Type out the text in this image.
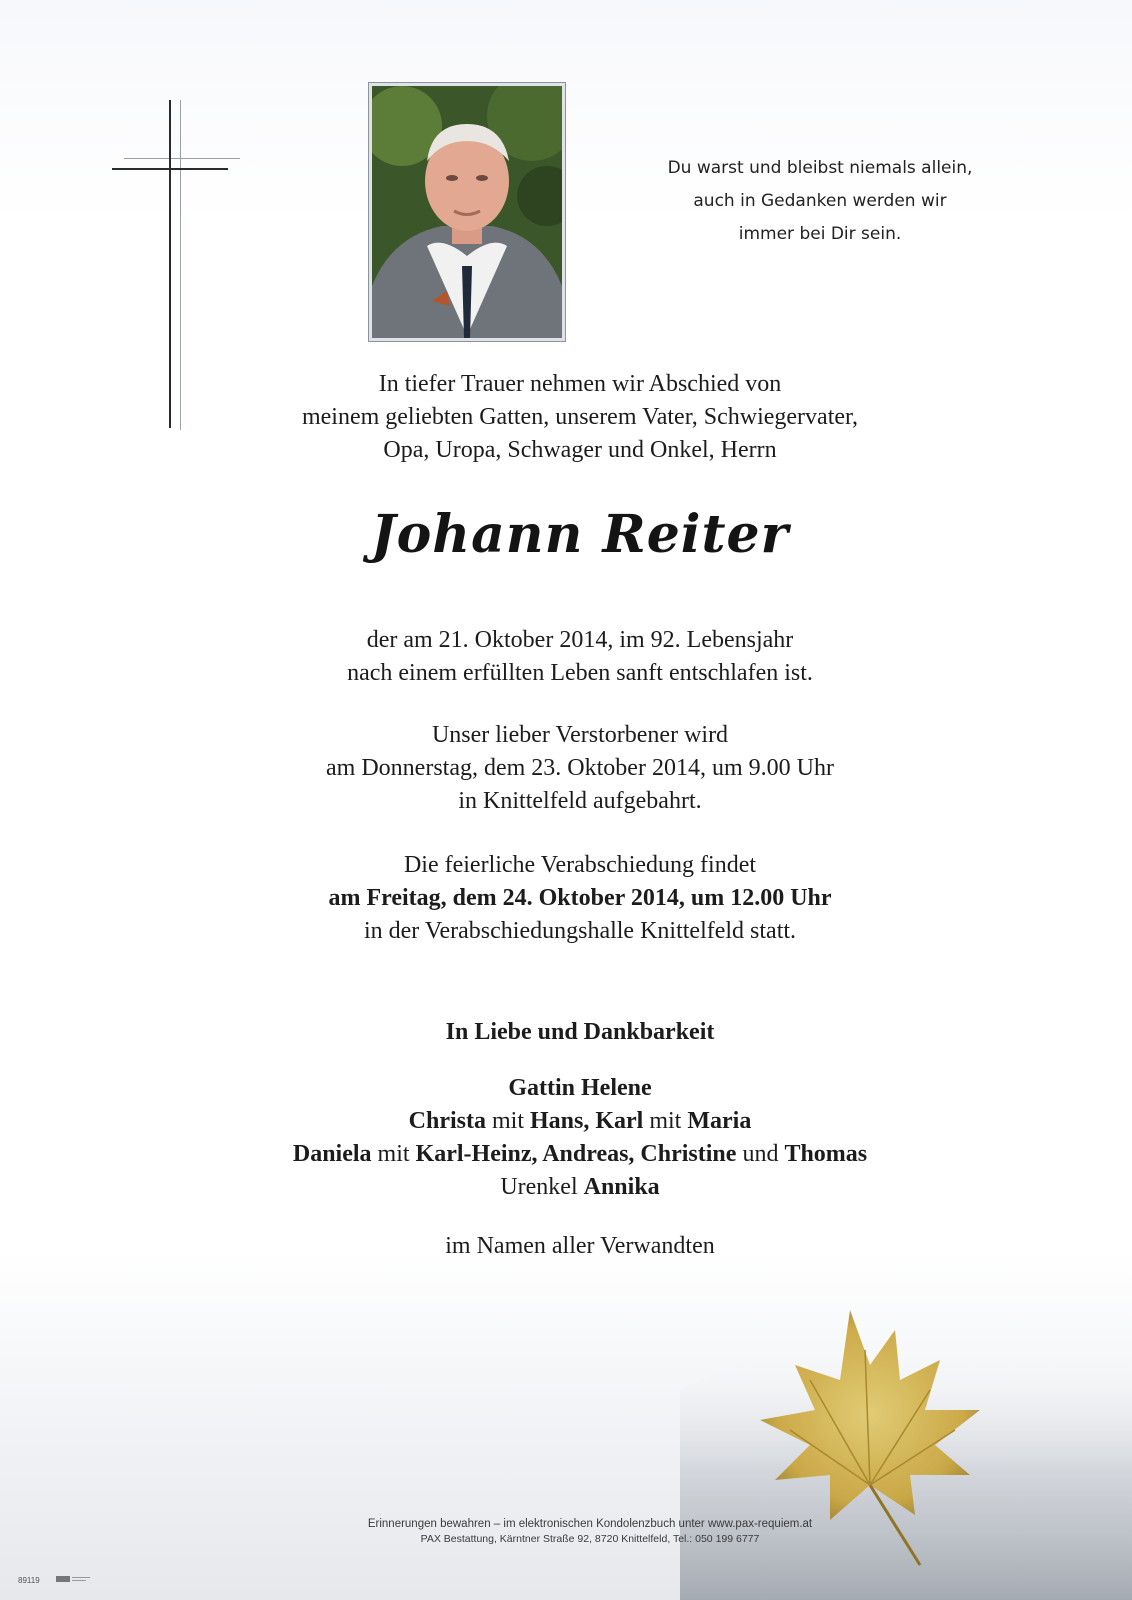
Du warst und bleibst niemals allein,
auch in Gedanken werden wir
immer bei Dir sein.
In tiefer Trauer nehmen wir Abschied von
meinem geliebten Gatten, unserem Vater, Schwiegervater,
Opa, Uropa, Schwager und Onkel, Herrn
Johann Reiter
der am 21. Oktober 2014, im 92. Lebensjahr
nach einem erfüllten Leben sanft entschlafen ist.
Unser lieber Verstorbener wird
am Donnerstag, dem 23. Oktober 2014, um 9.00 Uhr
in Knittelfeld aufgebahrt.
Die feierliche Verabschiedung findet
am Freitag, dem 24. Oktober 2014, um 12.00 Uhr
in der Verabschiedungshalle Knittelfeld statt.
In Liebe und Dankbarkeit
Gattin Helene
Christa mit Hans, Karl mit Maria
Daniela mit Karl-Heinz, Andreas, Christine und Thomas
Urenkel Annika
im Namen aller Verwandten
Erinnerungen bewahren – im elektronischen Kondolenzbuch unter www.pax-requiem.at
PAX Bestattung, Kärntner Straße 92, 8720 Knittelfeld, Tel.: 050 199 6777
89119
